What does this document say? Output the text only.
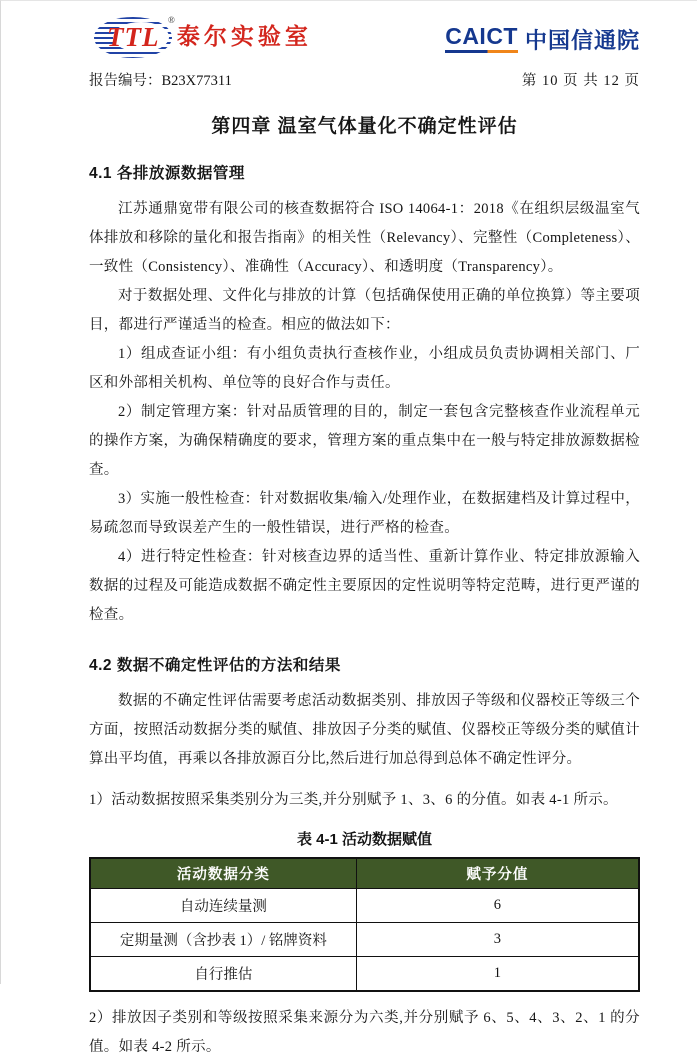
TTL
®
泰尔实验室	CAICT 中国信通院
报告编号：B23X77311	第 10 页 共 12 页
第四章 温室气体量化不确定性评估
4.1 各排放源数据管理

江苏通鼎宽带有限公司的核查数据符合 ISO 14064-1：2018《在组织层级温室气体排放和移除的量化和报告指南》的相关性（Relevancy）、完整性（Completeness）、一致性（Consistency）、准确性（Accuracy）、和透明度（Transparency）。

对于数据处理、文件化与排放的计算（包括确保使用正确的单位换算）等主要项目，都进行严谨适当的检查。相应的做法如下：

1）组成查证小组：有小组负责执行查核作业，小组成员负责协调相关部门、厂区和外部相关机构、单位等的良好合作与责任。

2）制定管理方案：针对品质管理的目的，制定一套包含完整核查作业流程单元的操作方案，为确保精确度的要求，管理方案的重点集中在一般与特定排放源数据检查。

3）实施一般性检查：针对数据收集/输入/处理作业，在数据建档及计算过程中，易疏忽而导致误差产生的一般性错误，进行严格的检查。

4）进行特定性检查：针对核查边界的适当性、重新计算作业、特定排放源输入数据的过程及可能造成数据不确定性主要原因的定性说明等特定范畴，进行更严谨的检查。

4.2 数据不确定性评估的方法和结果

数据的不确定性评估需要考虑活动数据类别、排放因子等级和仪器校正等级三个方面，按照活动数据分类的赋值、排放因子分类的赋值、仪器校正等级分类的赋值计算出平均值，再乘以各排放源百分比,然后进行加总得到总体不确定性评分。

1）活动数据按照采集类别分为三类,并分别赋予 1、3、6 的分值。如表 4-1 所示。

表 4-1 活动数据赋值
活动数据分类	赋予分值
自动连续量测	6
定期量测（含抄表 1）/ 铭牌资料	3
自行推估	1

2）排放因子类别和等级按照采集来源分为六类,并分别赋予 6、5、4、3、2、1 的分值。如表 4-2 所示。
